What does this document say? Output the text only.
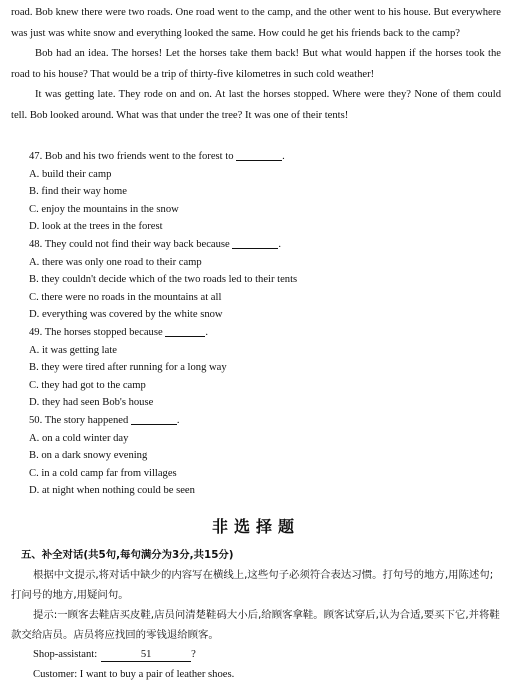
road. Bob knew there were two roads. One road went to the camp, and the other went to his house. But everywhere was just was white snow and everything looked the same. How could he get his friends back to the camp?

Bob had an idea. The horses! Let the horses take them back! But what would happen if the horses took the road to his house? That would be a trip of thirty-five kilometres in such cold weather!

It was getting late. They rode on and on. At last the horses stopped. Where were they? None of them could tell. Bob looked around. What was that under the tree? It was one of their tents!

47. Bob and his two friends went to the forest to	.
A. build their camp
B. find their way home
C. enjoy the mountains in the snow
D. look at the trees in the forest
48. They could not find their way back because	.
A. there was only one road to their camp
B. they couldn't decide which of the two roads led to their tents
C. there were no roads in the mountains at all
D. everything was covered by the white snow
49. The horses stopped because	.
A. it was getting late
B. they were tired after running for a long way
C. they had got to the camp
D. they had seen Bob's house
50. The story happened	.
A. on a cold winter day
B. on a dark snowy evening
C. in a cold camp far from villages
D. at night when nothing could be seen
非选择题

五、补全对话(共5句,每句满分为3分,共15分)

根据中文提示,将对话中缺少的内容写在横线上,这些句子必须符合表达习惯。打句号的地方,用陈述句;打问号的地方,用疑问句。

提示:一顾客去鞋店买皮鞋,店员问清楚鞋码大小后,给顾客拿鞋。顾客试穿后,认为合适,要买下它,并将鞋款交给店员。店员将应找回的零钱退给顾客。

Shop-assistant:	51	?
Customer: I want to buy a pair of leather shoes.
